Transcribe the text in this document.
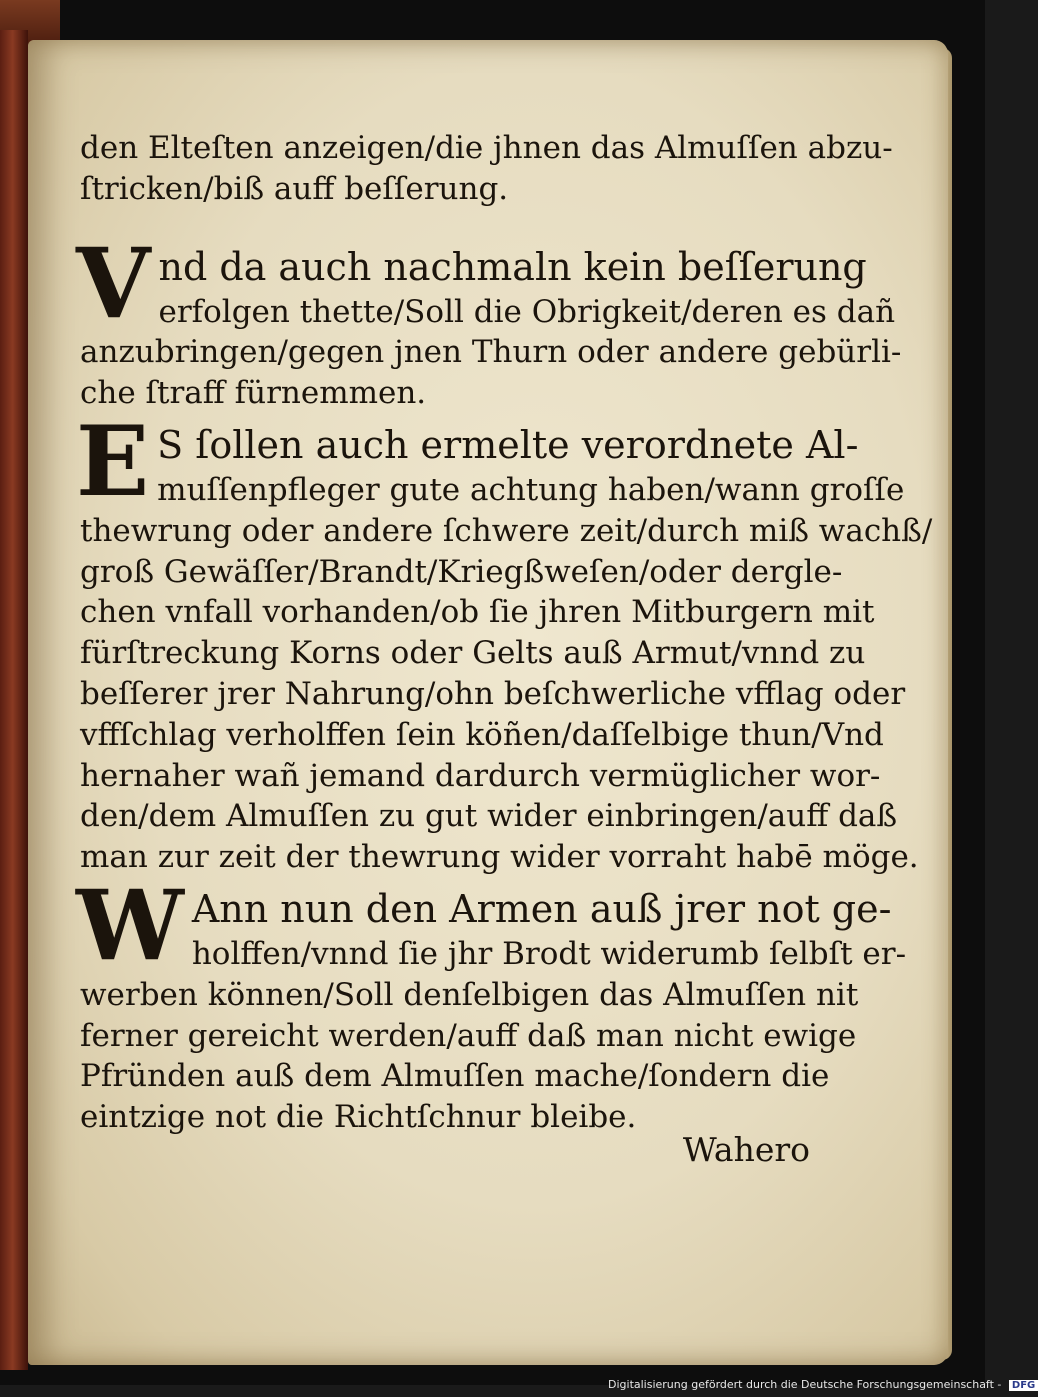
den Elteſten anzeigen/die jhnen das Almuſſen abzu-
ſtricken/biß auff beſſerung.
V nd da auch nachmaln kein beſſerung
erfolgen thette/Soll die Obrigkeit/deren es dañ
anzubringen/gegen jnen Thurn oder andere gebürli-
che ſtraff fürnemmen.
E S ſollen auch ermelte verordnete Al-
muſſenpfleger gute achtung haben/wann groſſe
thewrung oder andere ſchwere zeit/durch miß wachß/
groß Gewäſſer/Brandt/Kriegßweſen/oder dergle-
chen vnfall vorhanden/ob ſie jhren Mitburgern mit
fürſtreckung Korns oder Gelts auß Armut/vnnd zu
beſſerer jrer Nahrung/ohn beſchwerliche vfflag oder
vffſchlag verholffen ſein köñen/daſſelbige thun/Vnd
hernaher wañ jemand dardurch vermüglicher wor-
den/dem Almuſſen zu gut wider einbringen/auff daß
man zur zeit der thewrung wider vorraht habē möge.
W Ann nun den Armen auß jrer not ge-
holffen/vnnd ſie jhr Brodt widerumb ſelbſt er-
werben können/Soll denſelbigen das Almuſſen nit
ferner gereicht werden/auff daß man nicht ewige
Pfründen auß dem Almuſſen mache/ſondern die
eintzige not die Richtſchnur bleibe.
Wahero
Digitalisierung gefördert durch die Deutsche Forschungsgemeinschaft - DFG
